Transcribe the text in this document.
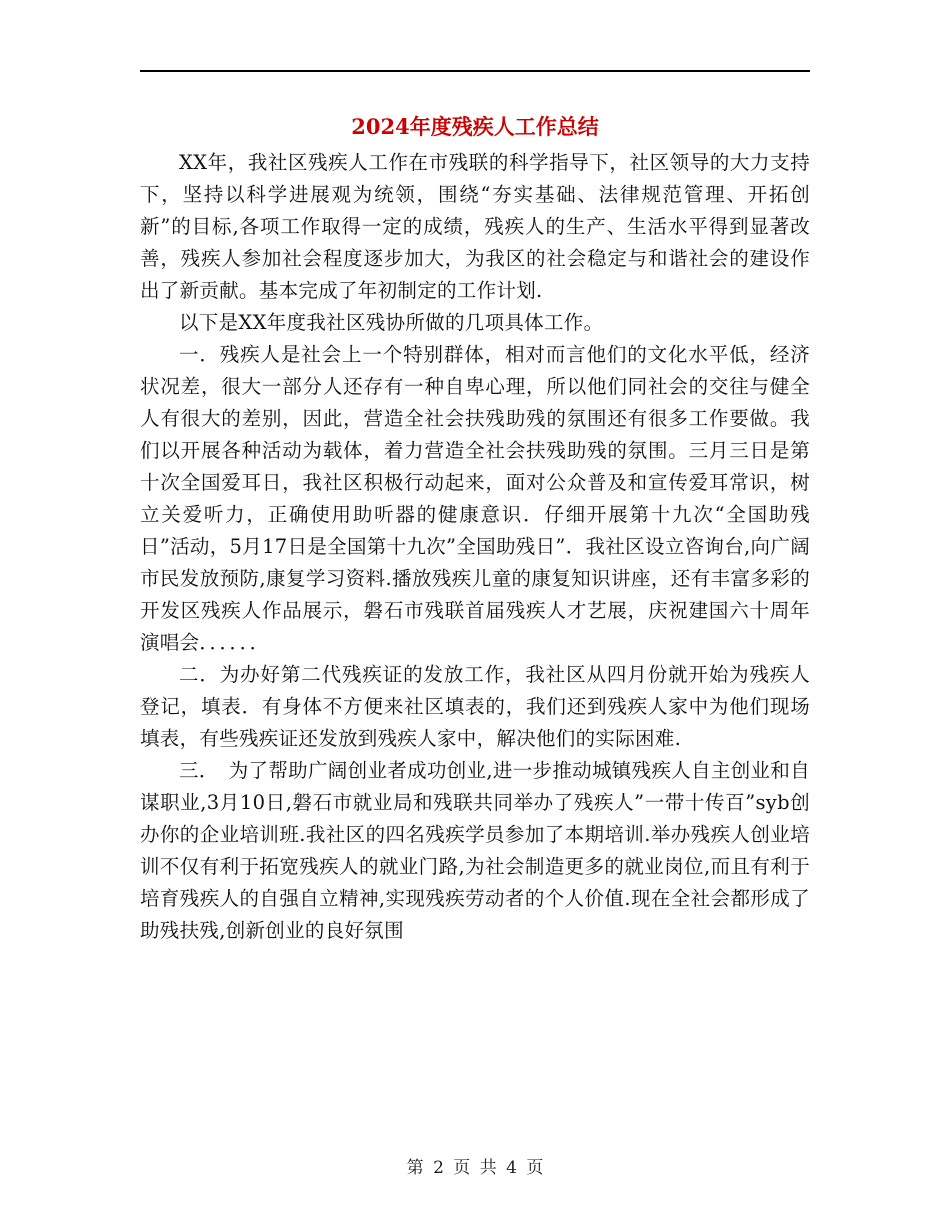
2024年度残疾人工作总结

XX年，我社区残疾人工作在市残联的科学指导下，社区领导的大力支持下，坚持以科学进展观为统领，围绕“夯实基础、法律规范管理、开拓创新”的目标,各项工作取得一定的成绩，残疾人的生产、生活水平得到显著改善，残疾人参加社会程度逐步加大，为我区的社会稳定与和谐社会的建设作出了新贡献。基本完成了年初制定的工作计划.

以下是XX年度我社区残协所做的几项具体工作。

一．残疾人是社会上一个特别群体，相对而言他们的文化水平低，经济状况差，很大一部分人还存有一种自卑心理，所以他们同社会的交往与健全人有很大的差别，因此，营造全社会扶残助残的氛围还有很多工作要做。我们以开展各种活动为载体，着力营造全社会扶残助残的氛围。三月三日是第十次全国爱耳日，我社区积极行动起来，面对公众普及和宣传爱耳常识，树立关爱听力，正确使用助听器的健康意识．仔细开展第十九次“全国助残日”活动，5月17日是全国第十九次”全国助残日”．我社区设立咨询台,向广阔市民发放预防,康复学习资料.播放残疾儿童的康复知识讲座，还有丰富多彩的开发区残疾人作品展示，磐石市残联首届残疾人才艺展，庆祝建国六十周年演唱会．．．．．．

二．为办好第二代残疾证的发放工作，我社区从四月份就开始为残疾人登记，填表．有身体不方便来社区填表的，我们还到残疾人家中为他们现场填表，有些残疾证还发放到残疾人家中，解决他们的实际困难.

三．　为了帮助广阔创业者成功创业,进一步推动城镇残疾人自主创业和自谋职业,3月10日,磐石市就业局和残联共同举办了残疾人”一带十传百”syb创办你的企业培训班.我社区的四名残疾学员参加了本期培训.举办残疾人创业培训不仅有利于拓宽残疾人的就业门路,为社会制造更多的就业岗位,而且有利于培育残疾人的自强自立精神,实现残疾劳动者的个人价值.现在全社会都形成了助残扶残,创新创业的良好氛围

第 2 页 共 4 页
